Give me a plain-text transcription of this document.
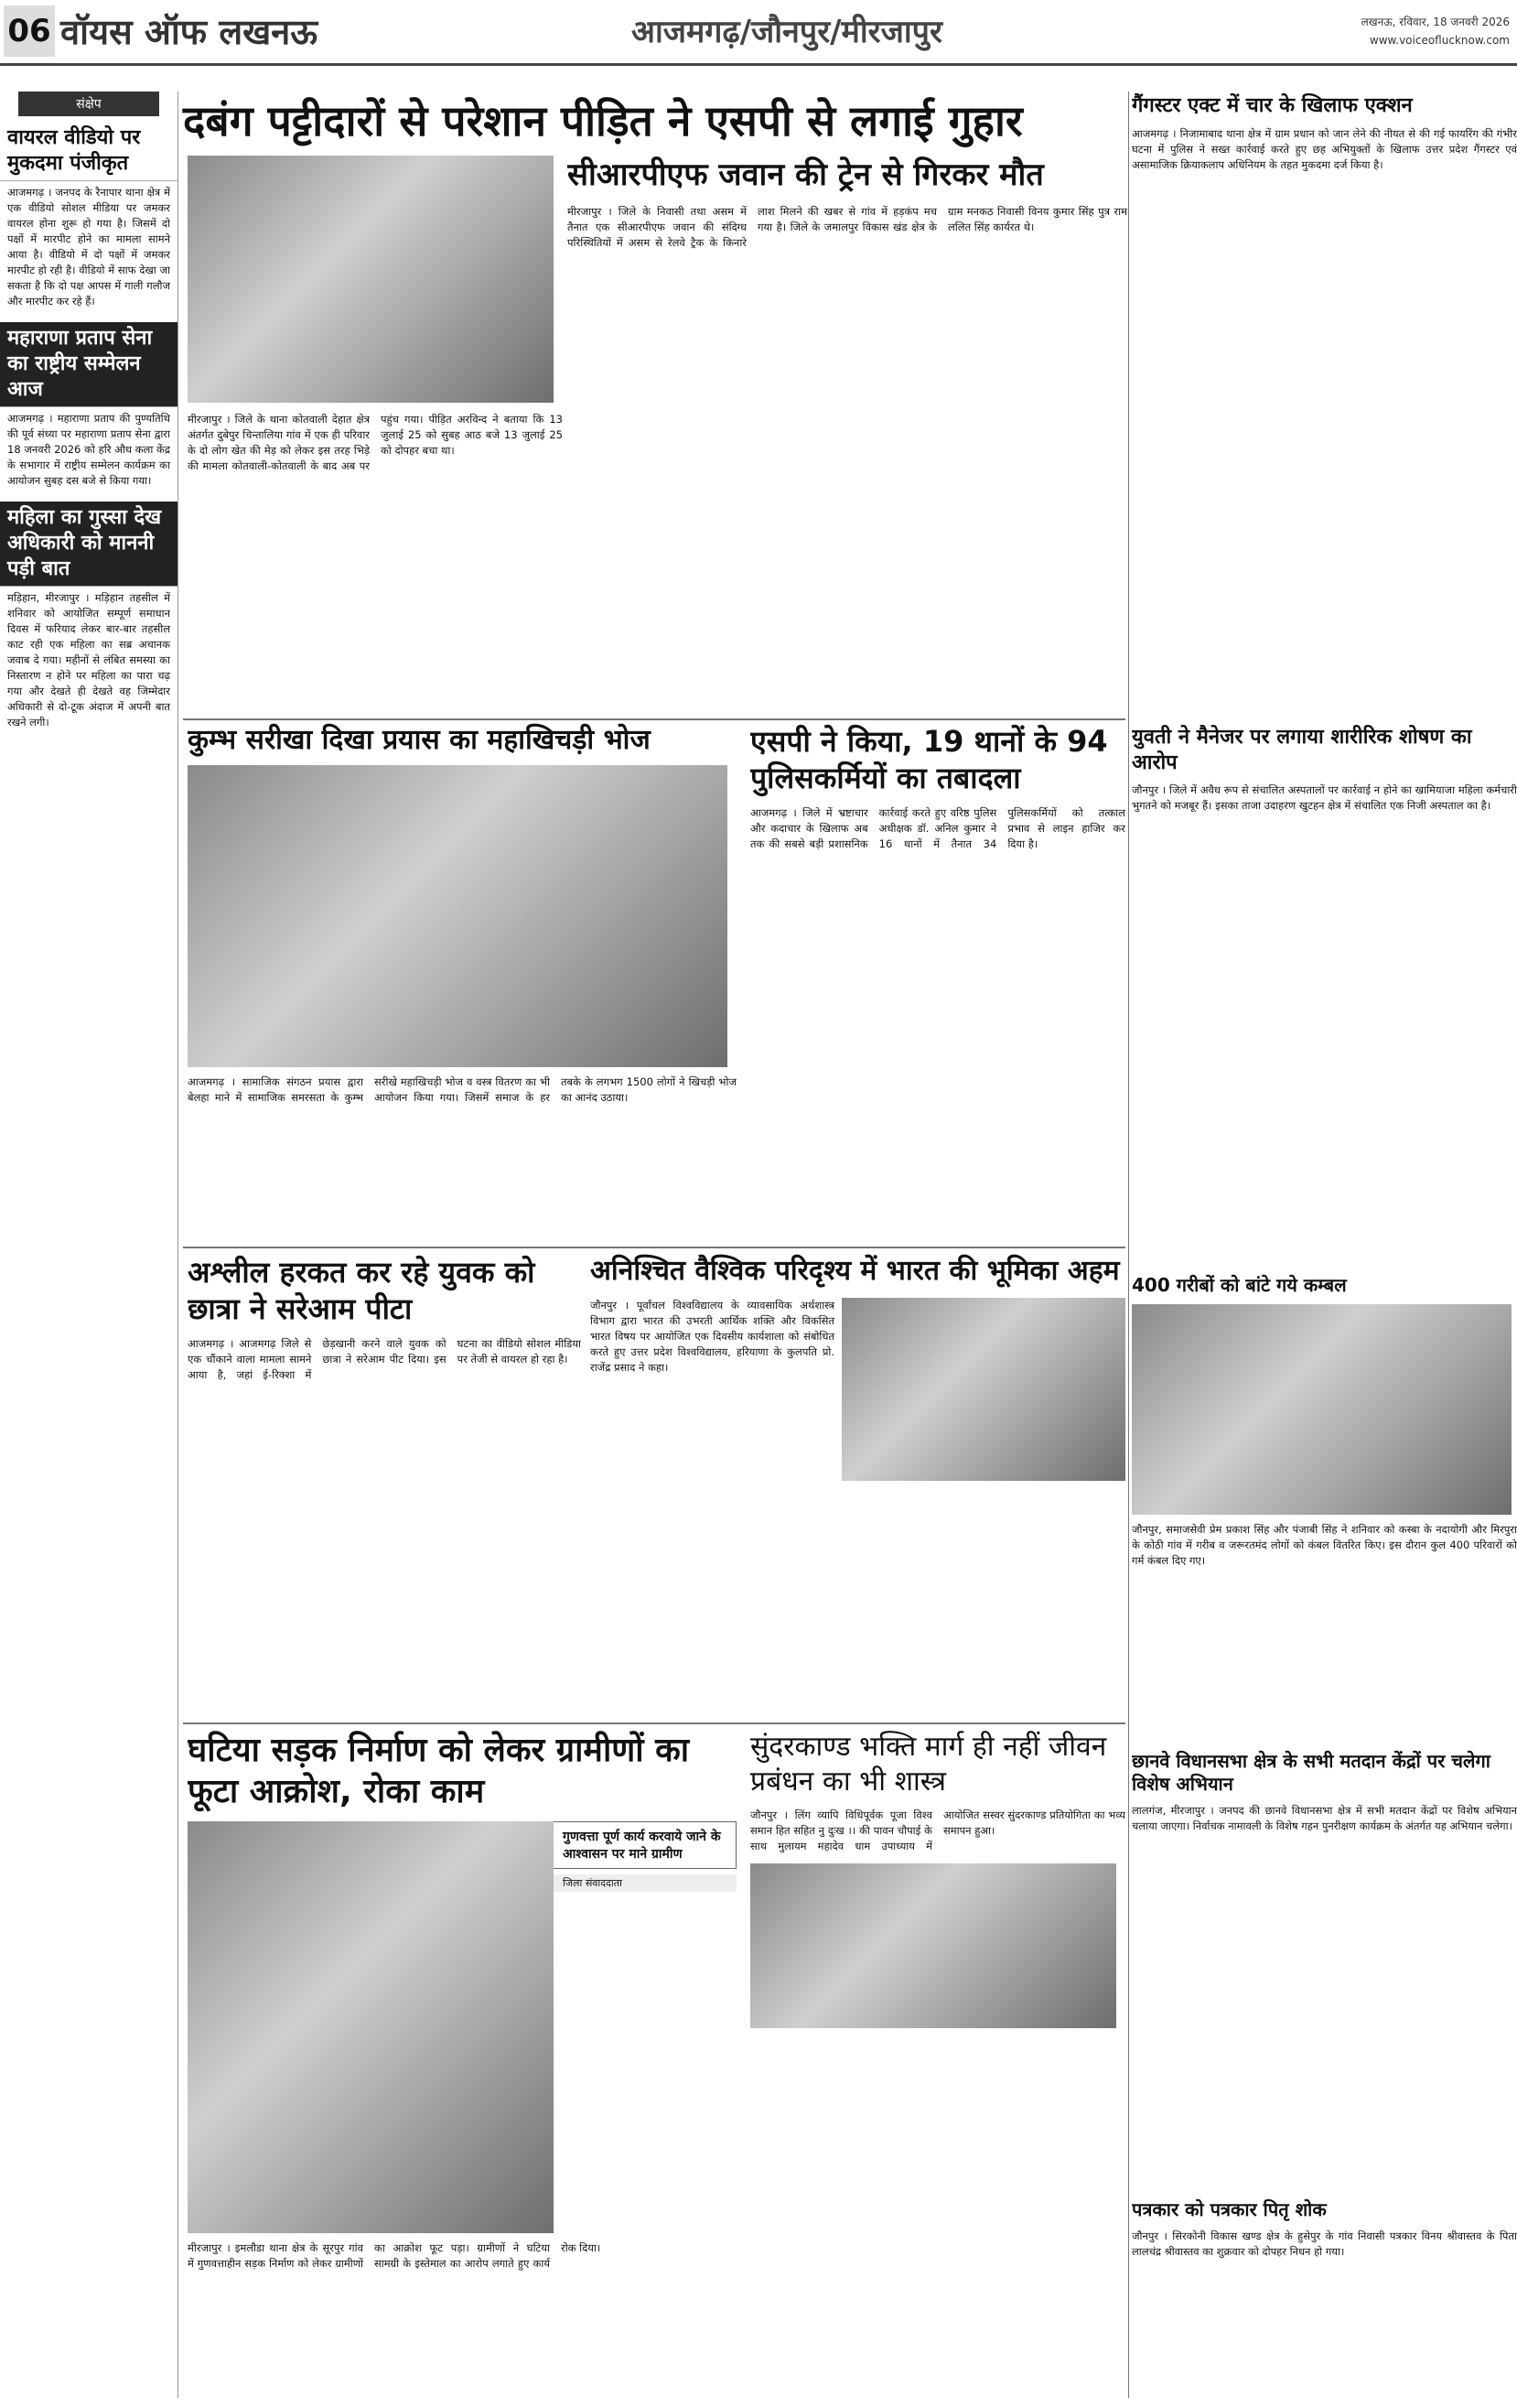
06 वॉयस ऑफ लखनऊ	आजमगढ़/जौनपुर/मीरजापुर	लखनऊ, रविवार, 18 जनवरी 2026
www.voiceoflucknow.com
संक्षेप
वायरल वीडियो पर मुकदमा पंजीकृत

आजमगढ़ । जनपद के रैनापार थाना क्षेत्र में एक वीडियो सोशल मीडिया पर जमकर वायरल होना शुरू हो गया है। जिसमें दो पक्षों में मारपीट होने का मामला सामने आया है। वीडियो में दो पक्षों में जमकर मारपीट हो रही है। वीडियो में साफ देखा जा सकता है कि दो पक्ष आपस में गाली गलौज और मारपीट कर रहे हैं।

महाराणा प्रताप सेना का राष्ट्रीय सम्मेलन आज

आजमगढ़ । महाराणा प्रताप की पुण्यतिथि की पूर्व संध्या पर महाराणा प्रताप सेना द्वारा 18 जनवरी 2026 को हरि औध कला केंद्र के सभागार में राष्ट्रीय सम्मेलन कार्यक्रम का आयोजन सुबह दस बजे से किया गया।

महिला का गुस्सा देख अधिकारी को माननी पड़ी बात

मड़िहान, मीरजापुर । मड़िहान तहसील में शनिवार को आयोजित सम्पूर्ण समाधान दिवस में फरियाद लेकर बार-बार तहसील काट रही एक महिला का सब्र अचानक जवाब दे गया। महीनों से लंबित समस्या का निस्तारण न होने पर महिला का पारा चढ़ गया और देखते ही देखते वह जिम्मेदार अधिकारी से दो-टूक अंदाज में अपनी बात रखने लगी।

दबंग पट्टीदारों से परेशान पीड़ित ने एसपी से लगाई गुहार
सीआरपीएफ जवान की ट्रेन से गिरकर मौत

मीरजापुर । जिले के निवासी तथा असम में तैनात एक सीआरपीएफ जवान की संदिग्ध परिस्थितियों में असम से रेलवे ट्रैक के किनारे लाश मिलने की खबर से गांव में हड़कंप मच गया है। जिले के जमालपुर विकास खंड क्षेत्र के ग्राम मनकठ निवासी विनय कुमार सिंह पुत्र राम ललित सिंह कार्यरत थे।

मीरजापुर । जिले के थाना कोतवाली देहात क्षेत्र अंतर्गत दुबेपुर चिन्तालिया गांव में एक ही परिवार के दो लोग खेत की मेड़ को लेकर इस तरह भिड़े की मामला कोतवाली-कोतवाली के बाद अब पर पहुंच गया। पीड़ित अरविन्द ने बताया कि 13 जुलाई 25 को सुबह आठ बजे 13 जुलाई 25 को दोपहर बचा था।

कुम्भ सरीखा दिखा प्रयास का महाखिचड़ी भोज

आजमगढ़ । सामाजिक संगठन प्रयास द्वारा बेलहा माने में सामाजिक समरसता के कुम्भ सरीखे महाखिचड़ी भोज व वस्त्र वितरण का भी आयोजन किया गया। जिसमें समाज के हर तबके के लगभग 1500 लोगों ने खिचड़ी भोज का आनंद उठाया।

एसपी ने किया, 19 थानों के 94 पुलिसकर्मियों का तबादला

आजमगढ़ । जिले में भ्रष्टाचार और कदाचार के खिलाफ अब तक की सबसे बड़ी प्रशासनिक कार्रवाई करते हुए वरिष्ठ पुलिस अधीक्षक डॉ. अनिल कुमार ने 16 थानों में तैनात 34 पुलिसकर्मियों को तत्काल प्रभाव से लाइन हाजिर कर दिया है।

अश्लील हरकत कर रहे युवक को छात्रा ने सरेआम पीटा

आजमगढ़ । आजमगढ़ जिले से एक चौंकाने वाला मामला सामने आया है, जहां ई-रिक्शा में छेड़खानी करने वाले युवक को छात्रा ने सरेआम पीट दिया। इस घटना का वीडियो सोशल मीडिया पर तेजी से वायरल हो रहा है।

अनिश्चित वैश्विक परिदृश्य में भारत की भूमिका अहम

जौनपुर । पूर्वांचल विश्वविद्यालय के व्यावसायिक अर्थशास्त्र विभाग द्वारा भारत की उभरती आर्थिक शक्ति और विकसित भारत विषय पर आयोजित एक दिवसीय कार्यशाला को संबोधित करते हुए उत्तर प्रदेश विश्वविद्यालय, हरियाणा के कुलपति प्रो. राजेंद्र प्रसाद ने कहा।

घटिया सड़क निर्माण को लेकर ग्रामीणों का फूटा आक्रोश, रोका काम
गुणवत्ता पूर्ण कार्य करवाये जाने के आश्वासन पर माने ग्रामीण
जिला संवाददाता

मीरजापुर । इमलौडा थाना क्षेत्र के सूरपुर गांव में गुणवत्ताहीन सड़क निर्माण को लेकर ग्रामीणों का आक्रोश फूट पड़ा। ग्रामीणों ने घटिया सामग्री के इस्तेमाल का आरोप लगाते हुए कार्य रोक दिया।

सुंदरकाण्ड भक्ति मार्ग ही नहीं जीवन प्रबंधन का भी शास्त्र

जौनपुर । लिंग व्यापि विधिपूर्वक पूजा विश्व समान हित सहित नु दुःख ।। की पावन चौपाई के साथ मुलायम महादेव धाम उपाध्याय में आयोजित सस्वर सुंदरकाण्ड प्रतियोगिता का भव्य समापन हुआ।

गैंगस्टर एक्ट में चार के खिलाफ एक्शन

आजमगढ़ । निजामाबाद थाना क्षेत्र में ग्राम प्रधान को जान लेने की नीयत से की गई फायरिंग की गंभीर घटना में पुलिस ने सख्त कार्रवाई करते हुए छह अभियुक्तों के खिलाफ उत्तर प्रदेश गैंगस्टर एवं असामाजिक क्रियाकलाप अधिनियम के तहत मुकदमा दर्ज किया है।

युवती ने मैनेजर पर लगाया शारीरिक शोषण का आरोप

जौनपुर । जिले में अवैध रूप से संचालित अस्पतालों पर कार्रवाई न होने का खामियाजा महिला कर्मचारी भुगतने को मजबूर हैं। इसका ताजा उदाहरण खुटहन क्षेत्र में संचालित एक निजी अस्पताल का है।

400 गरीबों को बांटे गये कम्बल

जौनपुर, समाजसेवी प्रेम प्रकाश सिंह और पंजाबी सिंह ने शनिवार को कस्बा के नदायोगी और मिरपुरा के कोठी गांव में गरीब व जरूरतमंद लोगों को कंबल वितरित किए। इस दौरान कुल 400 परिवारों को गर्म कंबल दिए गए।

छानवे विधानसभा क्षेत्र के सभी मतदान केंद्रों पर चलेगा विशेष अभियान

लालगंज, मीरजापुर । जनपद की छानवे विधानसभा क्षेत्र में सभी मतदान केंद्रों पर विशेष अभियान चलाया जाएगा। निर्वाचक नामावली के विशेष गहन पुनरीक्षण कार्यक्रम के अंतर्गत यह अभियान चलेगा।

पत्रकार को पत्रकार पितृ शोक

जौनपुर । सिरकोनी विकास खण्ड क्षेत्र के हुसेपुर के गांव निवासी पत्रकार विनय श्रीवास्तव के पिता लालचंद्र श्रीवास्तव का शुक्रवार को दोपहर निधन हो गया।
